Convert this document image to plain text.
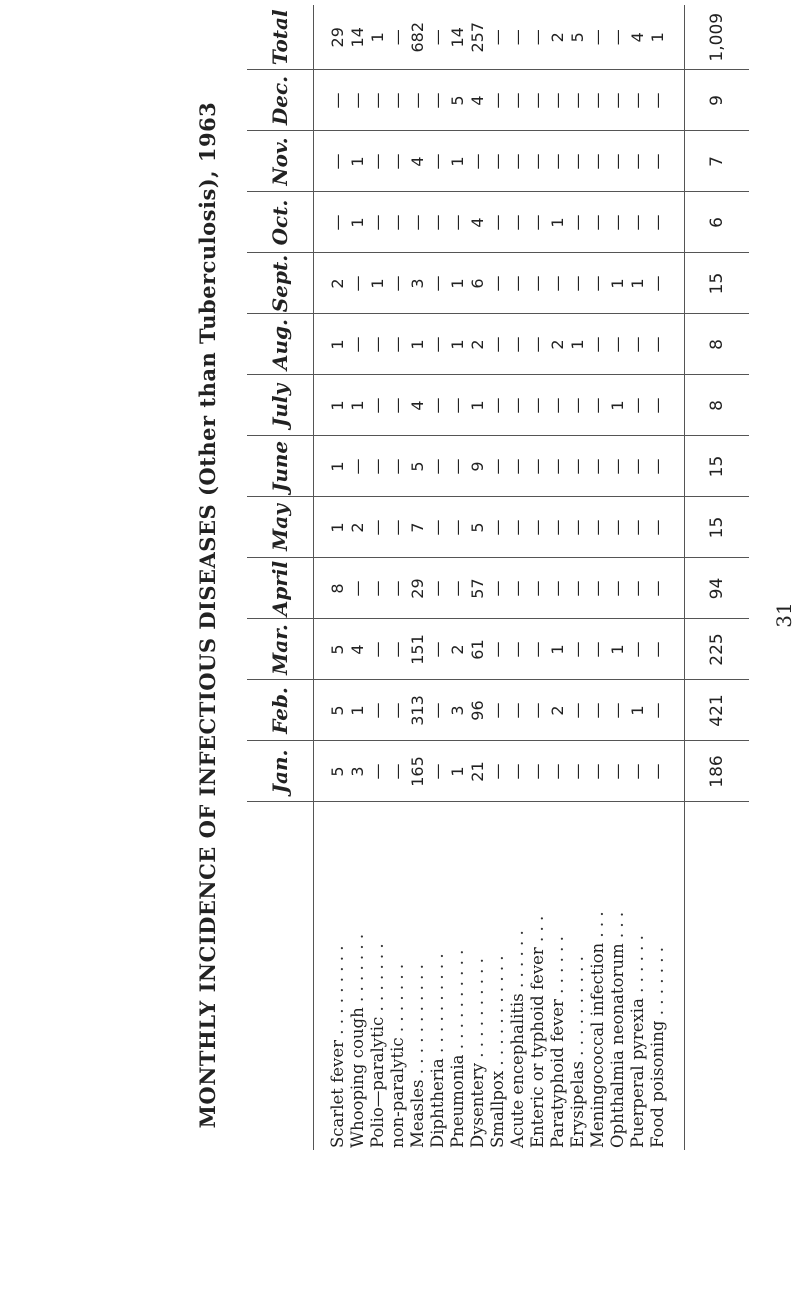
MONTHLY INCIDENCE OF INFECTIOUS DISEASES (Other than Tuberculosis), 1963
	Jan.	Feb.	Mar.	April	May	June	July	Aug.	Sept.	Oct.	Nov.	Dec.	Total

Scarlet fever . . . . . . . . .	5	5	5	8	1	1	1	1	2	—	—	—	29
Whooping cough . . . . . . .	3	1	4	—	2	—	1	—	—	1	1	—	14
Polio—paralytic . . . . . . .	—	—	—	—	—	—	—	—	1	—	—	—	1
non-paralytic . . . . . . .	—	—	—	—	—	—	—	—	—	—	—	—	—
Measles . . . . . . . . . . .	165	313	151	29	7	5	4	1	3	—	4	—	682
Diphtheria . . . . . . . . . .	—	—	—	—	—	—	—	—	—	—	—	—	—
Pneumonia . . . . . . . . . .	1	3	2	—	—	—	—	1	1	—	1	5	14
Dysentery . . . . . . . . . .	21	96	61	57	5	9	1	2	6	4	—	4	257
Smallpox . . . . . . . . . . .	—	—	—	—	—	—	—	—	—	—	—	—	—
Acute encephalitis . . . . . .	—	—	—	—	—	—	—	—	—	—	—	—	—
Enteric or typhoid fever . . .	—	—	—	—	—	—	—	—	—	—	—	—	—
Paratyphoid fever . . . . . .	—	2	1	—	—	—	—	2	—	1	—	—	2
Erysipelas . . . . . . . . . .	—	—	—	—	—	—	—	1	—	—	—	—	5
Meningococcal infection . . .	—	—	—	—	—	—	—	—	—	—	—	—	—
Ophthalmia neonatorum . . .	—	—	1	—	—	—	1	—	1	—	—	—	—
Puerperal pyrexia . . . . . .	—	1	—	—	—	—	—	—	1	—	—	—	4
Food poisoning . . . . . . .	—	—	—	—	—	—	—	—	—	—	—	—	1
	186	421	225	94	15	15	8	8	15	6	7	9	1,009
31
